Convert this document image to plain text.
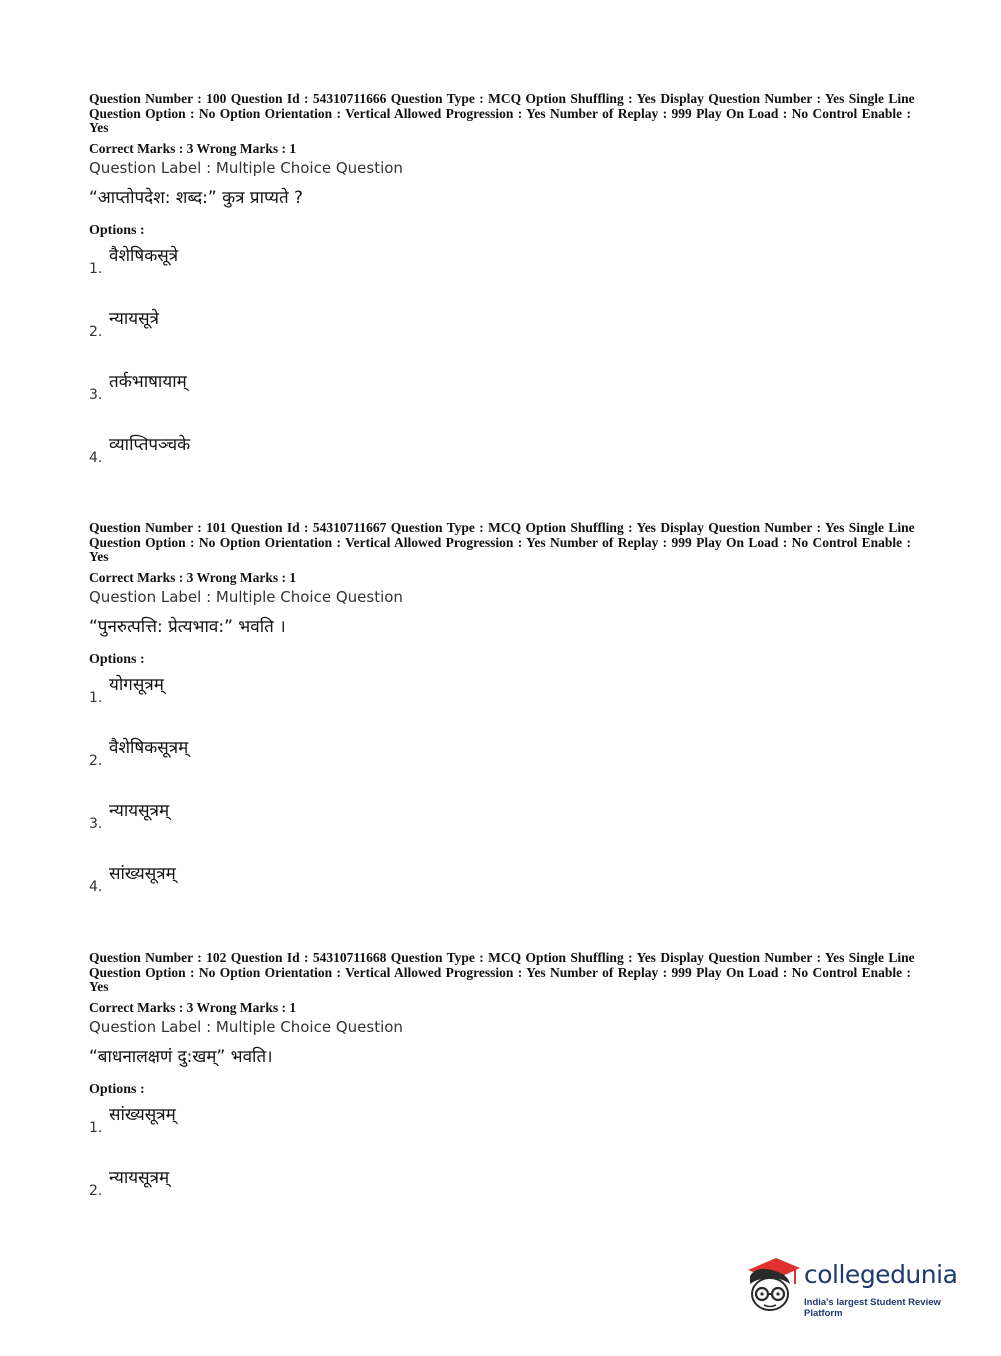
Question Number : 100 Question Id : 54310711666 Question Type : MCQ Option Shuffling : Yes Display Question Number : Yes Single Line Question Option : No Option Orientation : Vertical Allowed Progression : Yes Number of Replay : 999 Play On Load : No Control Enable : Yes

Correct Marks : 3 Wrong Marks : 1
Question Label : Multiple Choice Question
“आप्तोपदेश: शब्द:” कुत्र प्राप्यते ?
Options :
1.
वैशेषिकसूत्रे
2.
न्यायसूत्रे
3.
तर्कभाषायाम्
4.
व्याप्तिपञ्चके

Question Number : 101 Question Id : 54310711667 Question Type : MCQ Option Shuffling : Yes Display Question Number : Yes Single Line Question Option : No Option Orientation : Vertical Allowed Progression : Yes Number of Replay : 999 Play On Load : No Control Enable : Yes

Correct Marks : 3 Wrong Marks : 1
Question Label : Multiple Choice Question
“पुनरुत्पत्ति: प्रेत्यभाव:” भवति ।
Options :
1.
योगसूत्रम्
2.
वैशेषिकसूत्रम्
3.
न्यायसूत्रम्
4.
सांख्यसूत्रम्

Question Number : 102 Question Id : 54310711668 Question Type : MCQ Option Shuffling : Yes Display Question Number : Yes Single Line Question Option : No Option Orientation : Vertical Allowed Progression : Yes Number of Replay : 999 Play On Load : No Control Enable : Yes

Correct Marks : 3 Wrong Marks : 1
Question Label : Multiple Choice Question
“बाधनालक्षणं दु:खम्” भवति।
Options :
1.
सांख्यसूत्रम्
2.
न्यायसूत्रम्
collegedunia
India's largest Student Review Platform
